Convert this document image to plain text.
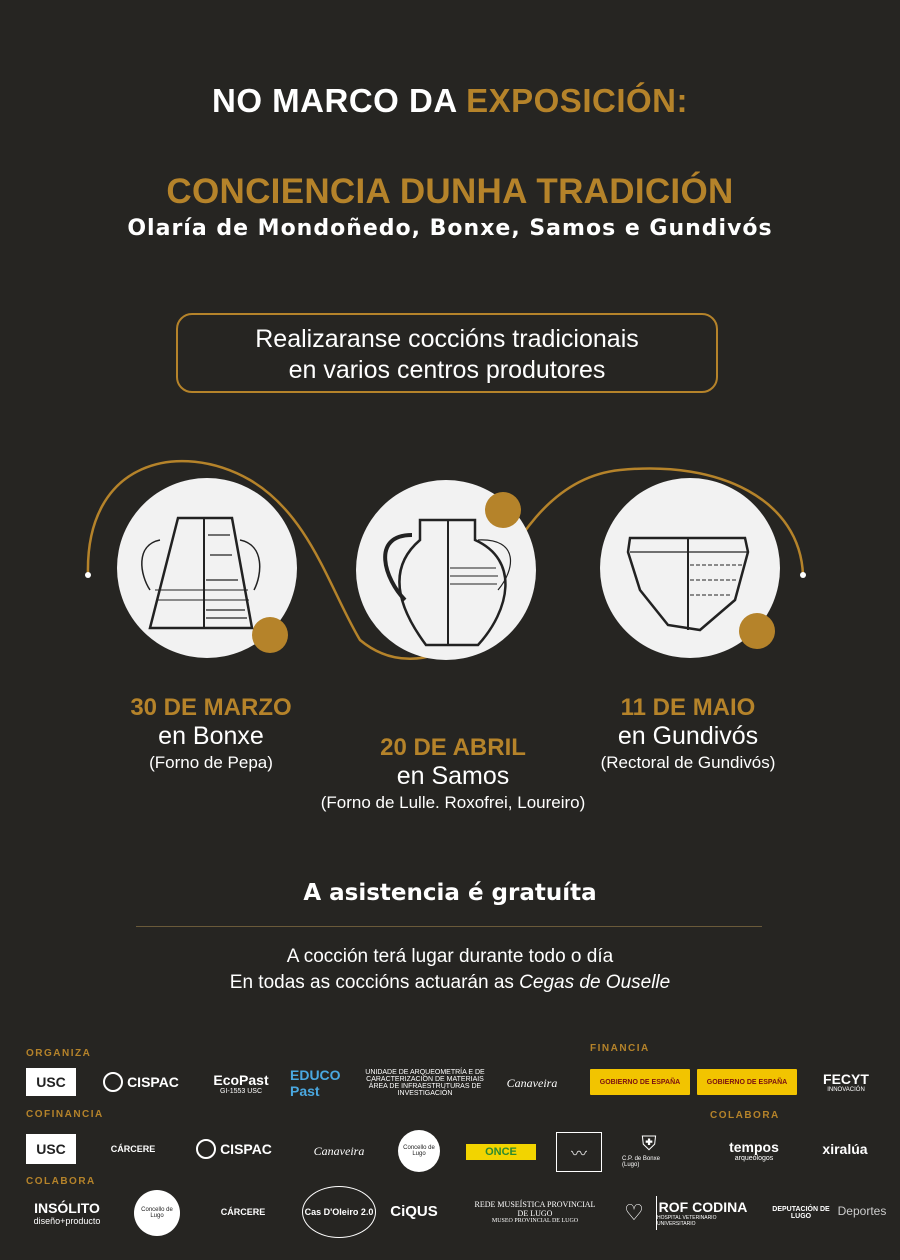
NO MARCO DA EXPOSICIÓN:
CONCIENCIA DUNHA TRADICIÓN
Olaría de Mondoñedo, Bonxe, Samos e Gundivós
Realizaranse coccións tradicionais
en varios centros produtores
30 DE MARZO
en Bonxe
(Forno de Pepa)
20 DE ABRIL
en Samos
(Forno de Lulle. Roxofrei, Loureiro)
11 DE MAIO
en Gundivós
(Rectoral de Gundivós)
A asistencia é gratuíta
A cocción terá lugar durante todo o día
En todas as coccións actuarán as Cegas de Ouselle
ORGANIZA	FINANCIA
COFINANCIA	COLABORA
COLABORA
USC	CISPAC EcoPast
GI-1553 USC
EDUCO Past
UNIDADE DE ARQUEOMETRÍA E DE CARACTERIZACIÓN DE MATERIAIS
ÁREA DE INFRAESTRUTURAS DE INVESTIGACIÓN
Canaveira	GOBIERNO DE ESPAÑA	GOBIERNO DE ESPAÑA	FECYT
INNOVACIÓN
USC	CÁRCERE	CISPAC	Canaveira	Concello de Lugo	ONCE	〰	⛨
C.P. de Bonxe (Lugo)
tempos
arqueólogos
xiralúa
INSÓLITO
diseño+producto
Concello de Lugo	CÁRCERE	Cas D'Oleiro 2.0	CiQUS	REDE MUSEÍSTICA PROVINCIAL DE LUGO
MUSEO PROVINCIAL DE LUGO	♡	ROF CODINA
HOSPITAL VETERINARIO UNIVERSITARIO
DEPUTACIÓN DE LUGO	Deportes
